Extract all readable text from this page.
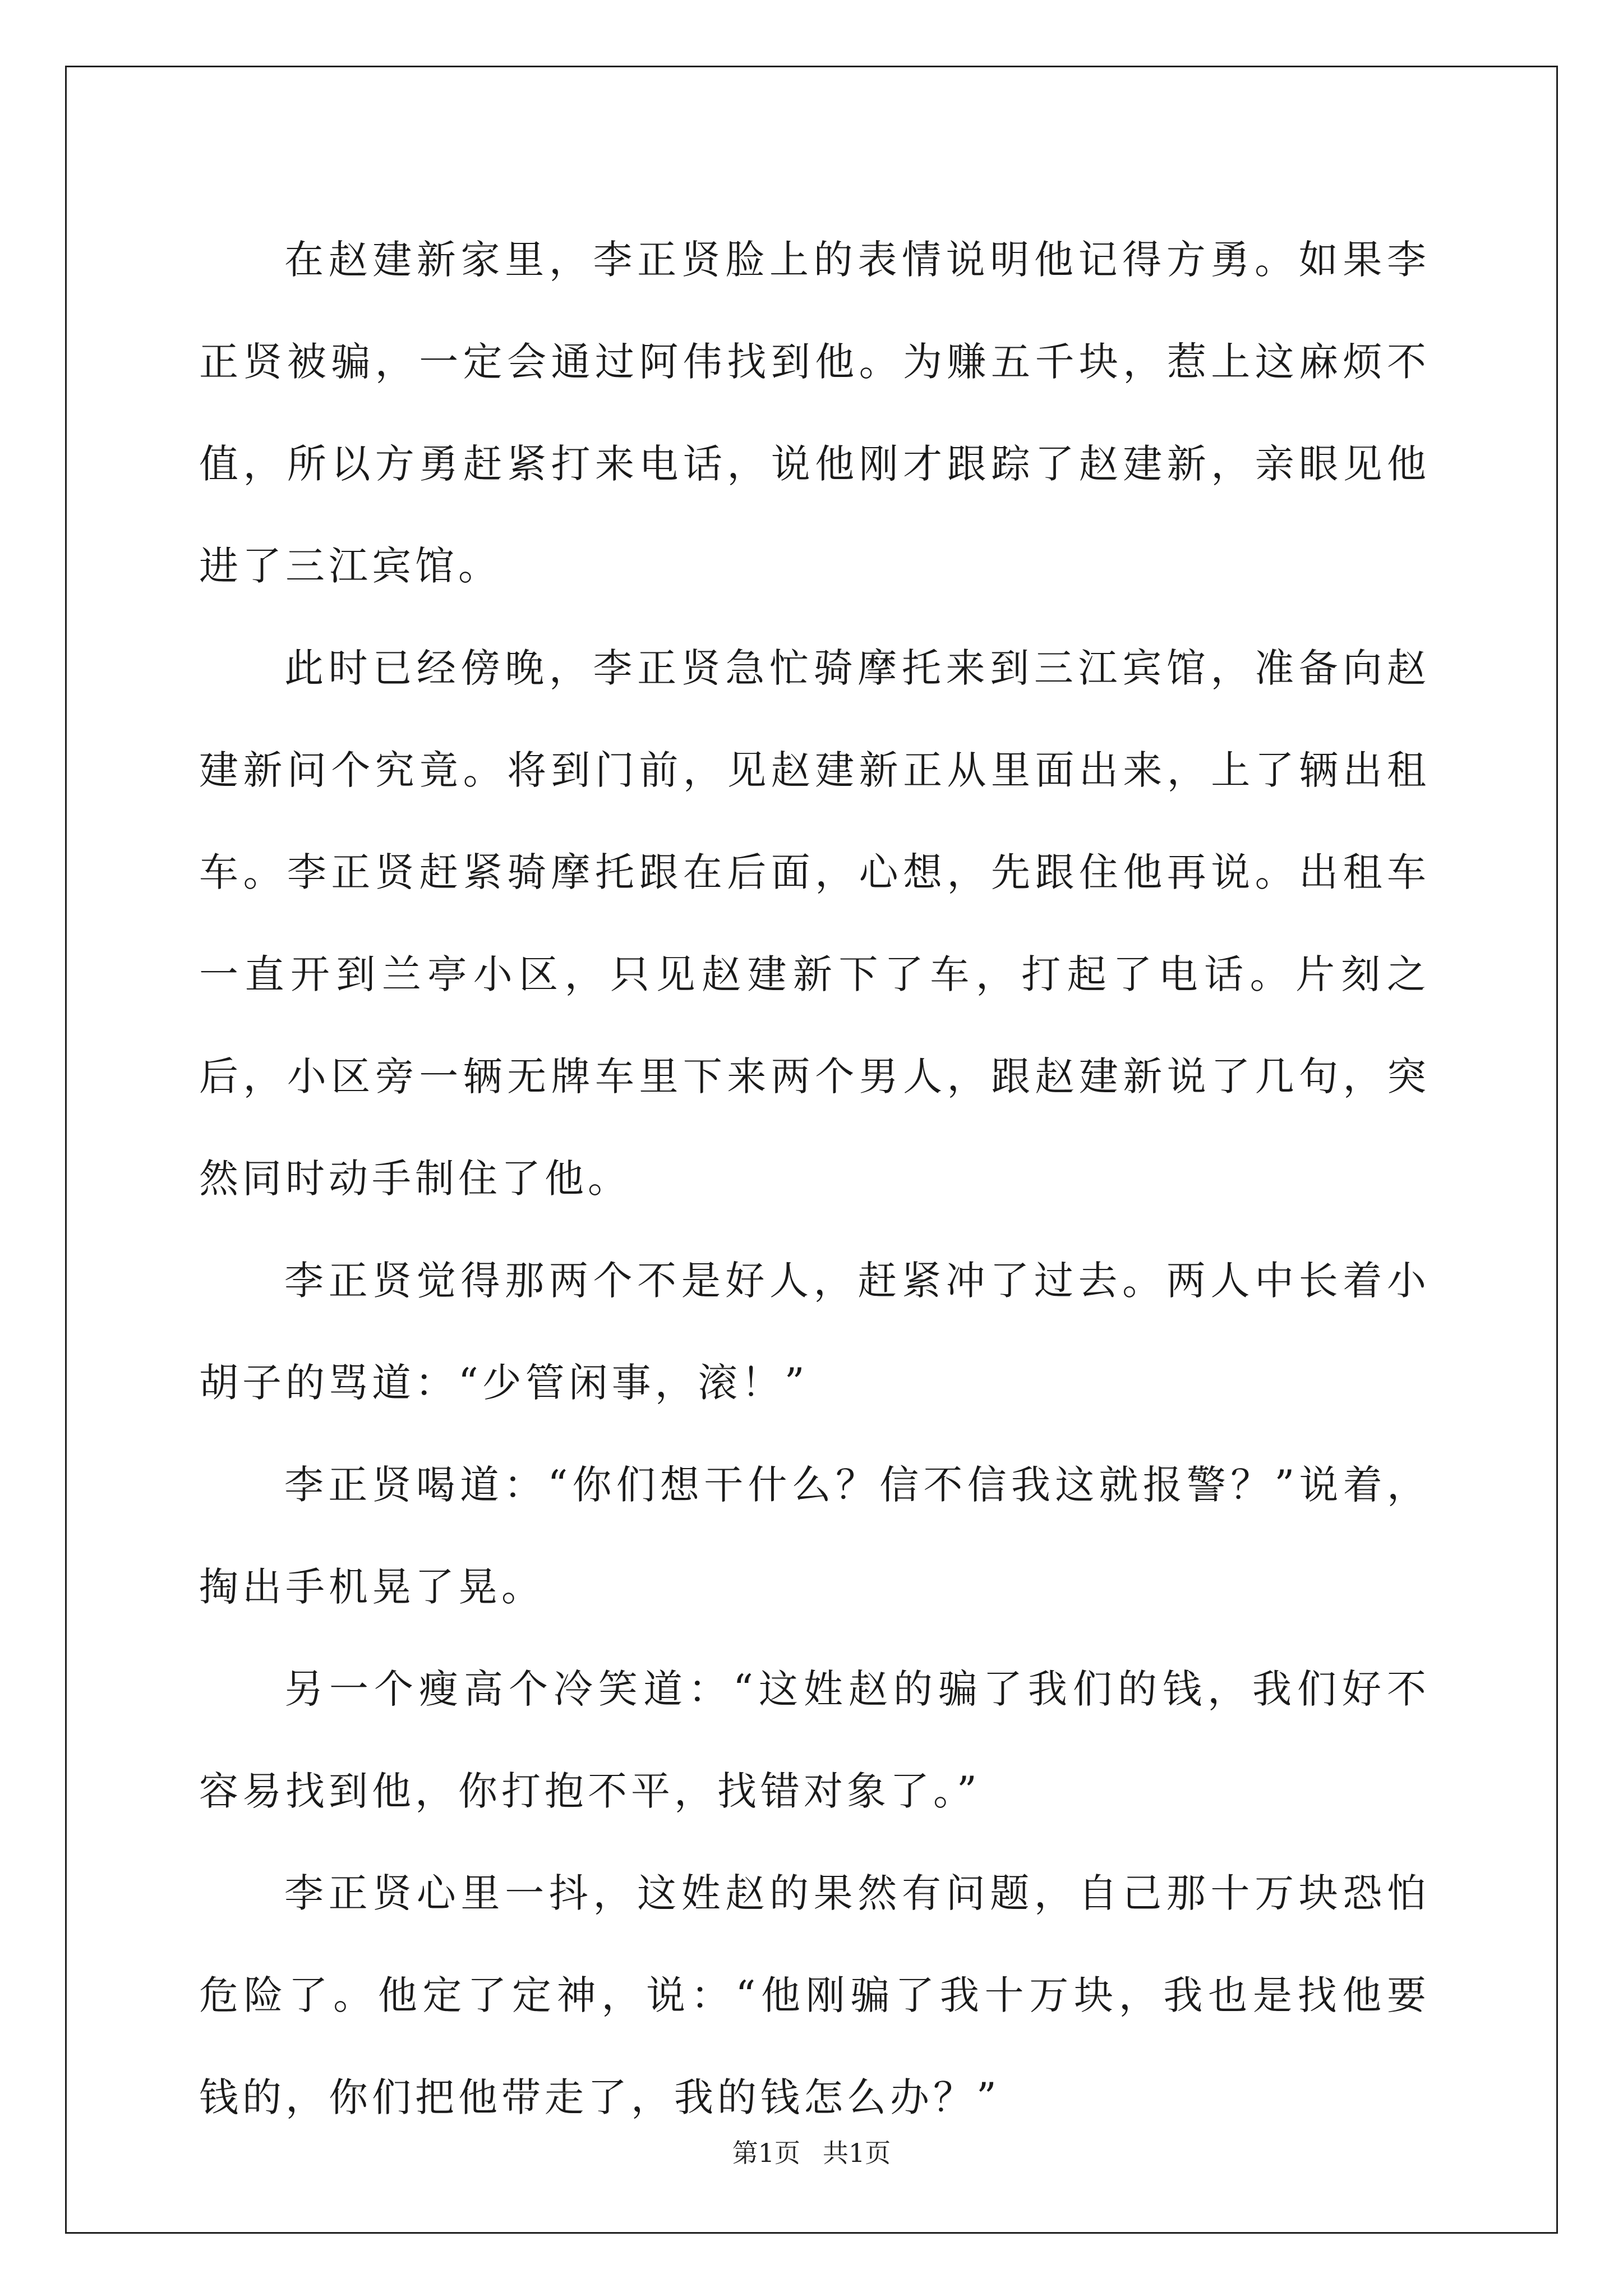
在赵建新家里，李正贤脸上的表情说明他记得方勇。如果李正贤被骗，一定会通过阿伟找到他。为赚五千块，惹上这麻烦不值，所以方勇赶紧打来电话，说他刚才跟踪了赵建新，亲眼见他进了三江宾馆。

此时已经傍晚，李正贤急忙骑摩托来到三江宾馆，准备向赵建新问个究竟。将到门前，见赵建新正从里面出来，上了辆出租车。李正贤赶紧骑摩托跟在后面，心想，先跟住他再说。出租车一直开到兰亭小区，只见赵建新下了车，打起了电话。片刻之后，小区旁一辆无牌车里下来两个男人，跟赵建新说了几句，突然同时动手制住了他。

李正贤觉得那两个不是好人，赶紧冲了过去。两人中长着小胡子的骂道：“少管闲事，滚！”

李正贤喝道：“你们想干什么？信不信我这就报警？”说着，掏出手机晃了晃。

另一个瘦高个冷笑道：“这姓赵的骗了我们的钱，我们好不容易找到他，你打抱不平，找错对象了。”

李正贤心里一抖，这姓赵的果然有问题，自己那十万块恐怕危险了。他定了定神，说：“他刚骗了我十万块，我也是找他要钱的，你们把他带走了，我的钱怎么办？”

第1页 共1页
